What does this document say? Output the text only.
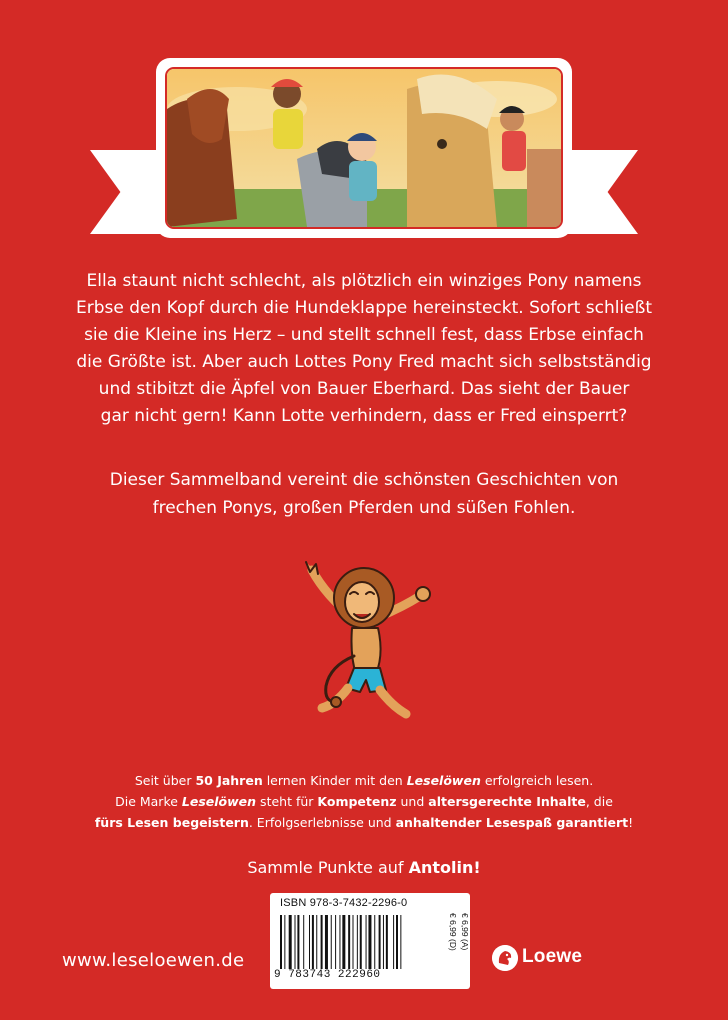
Ella staunt nicht schlecht, als plötzlich ein winziges Pony namens
Erbse den Kopf durch die Hundeklappe hereinsteckt. Sofort schließt
sie die Kleine ins Herz – und stellt schnell fest, dass Erbse einfach
die Größte ist. Aber auch Lottes Pony Fred macht sich selbstständig
und stibitzt die Äpfel von Bauer Eberhard. Das sieht der Bauer
gar nicht gern! Kann Lotte verhindern, dass er Fred einsperrt?

Dieser Sammelband vereint die schönsten Geschichten von
frechen Ponys, großen Pferden und süßen Fohlen.

Seit über 50 Jahren lernen Kinder mit den Leselöwen erfolgreich lesen.
Die Marke Leselöwen steht für Kompetenz und altersgerechte Inhalte, die
fürs Lesen begeistern. Erfolgserlebnisse und anhaltender Lesespaß garantiert!

Sammle Punkte auf Antolin!

www.leseloewen.de
ISBN 978-3-7432-2296-0
9 783743 222960
€ 6,99 (D) € 6,99 (A)
Loewe
